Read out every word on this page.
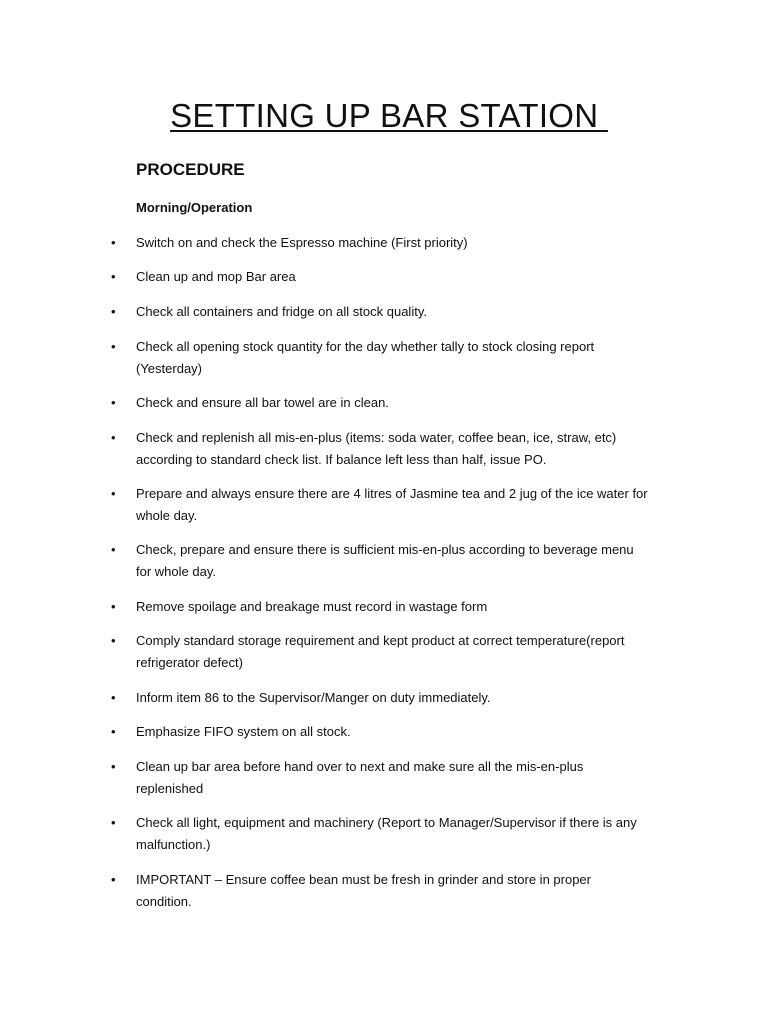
SETTING UP BAR STATION
PROCEDURE
Morning/Operation
• Switch on and check the Espresso machine (First priority)
• Clean up and mop Bar area
• Check all containers and fridge on all stock quality.
• Check all opening stock quantity for the day whether tally to stock closing report
(Yesterday)
• Check and ensure all bar towel are in clean.
• Check and replenish all mis-en-plus (items: soda water, coffee bean, ice, straw, etc)
according to standard check list. If balance left less than half, issue PO.
• Prepare and always ensure there are 4 litres of Jasmine tea and 2 jug of the ice water for
whole day.
• Check, prepare and ensure there is sufficient mis-en-plus according to beverage menu
for whole day.
• Remove spoilage and breakage must record in wastage form
• Comply standard storage requirement and kept product at correct temperature(report
refrigerator defect)
• Inform item 86 to the Supervisor/Manger on duty immediately.
• Emphasize FIFO system on all stock.
• Clean up bar area before hand over to next and make sure all the mis-en-plus
replenished
• Check all light, equipment and machinery (Report to Manager/Supervisor if there is any
malfunction.)
• IMPORTANT – Ensure coffee bean must be fresh in grinder and store in proper
condition.
